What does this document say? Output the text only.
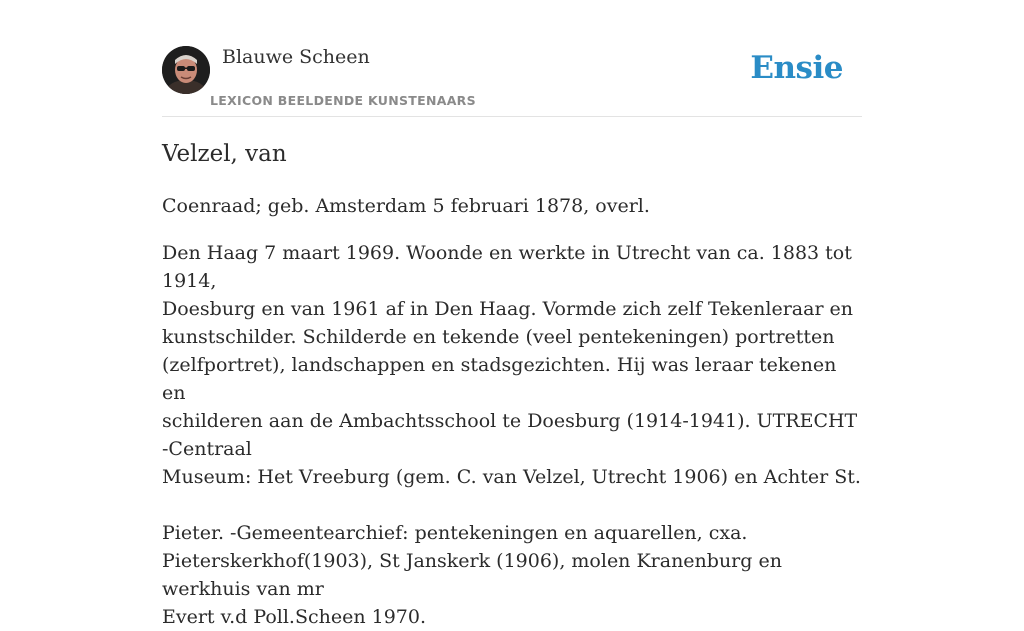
Blauwe Scheen
LEXICON BEELDENDE KUNSTENAARS
Ensie
Velzel, van

Coenraad; geb. Amsterdam 5 februari 1878, overl.

Den Haag 7 maart 1969. Woonde en werkte in Utrecht van ca. 1883 tot 1914,
Doesburg en van 1961 af in Den Haag. Vormde zich zelf Tekenleraar en
kunstschilder. Schilderde en tekende (veel pentekeningen) portretten
(zelfportret), landschappen en stadsgezichten. Hij was leraar tekenen en
schilderen aan de Ambachtsschool te Doesburg (1914-1941). UTRECHT -Centraal
Museum: Het Vreeburg (gem. C. van Velzel, Utrecht 1906) en Achter St.

Pieter. -Gemeentearchief: pentekeningen en aquarellen, cxa.
Pieterskerkhof(1903), St Janskerk (1906), molen Kranenburg en werkhuis van mr
Evert v.d Poll.Scheen 1970.
